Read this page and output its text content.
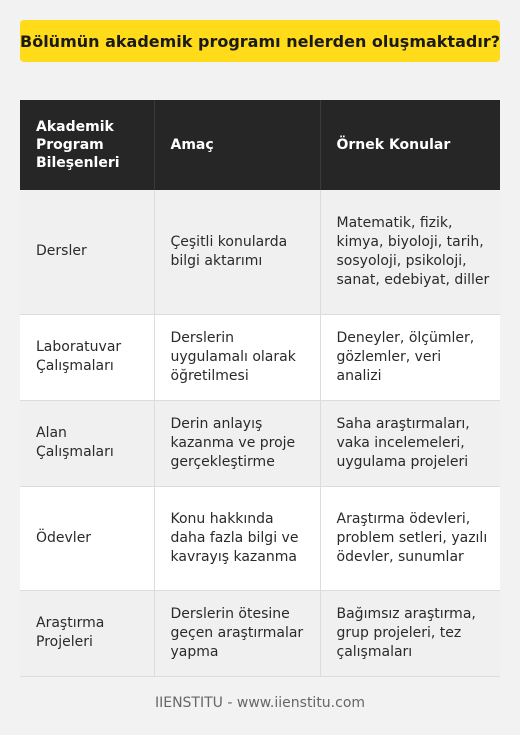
Bölümün akademik programı nelerden oluşmaktadır?
Akademik Program Bileşenleri	Amaç	Örnek Konular
Dersler	Çeşitli konularda bilgi aktarımı	Matematik, fizik, kimya, biyoloji, tarih, sosyoloji, psikoloji, sanat, edebiyat, diller
Laboratuvar Çalışmaları	Derslerin uygulamalı olarak öğretilmesi	Deneyler, ölçümler, gözlemler, veri analizi
Alan Çalışmaları	Derin anlayış kazanma ve proje gerçekleştirme	Saha araştırmaları, vaka incelemeleri, uygulama projeleri
Ödevler	Konu hakkında daha fazla bilgi ve kavrayış kazanma	Araştırma ödevleri, problem setleri, yazılı ödevler, sunumlar
Araştırma Projeleri	Derslerin ötesine geçen araştırmalar yapma	Bağımsız araştırma, grup projeleri, tez çalışmaları
IIENSTITU - www.iienstitu.com
